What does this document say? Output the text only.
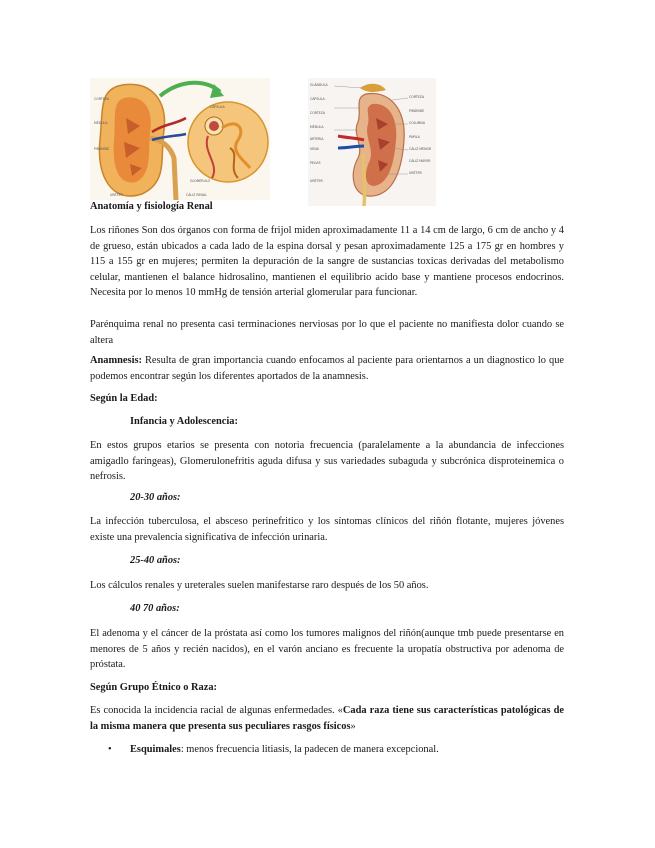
CORTEZA
MÉDULA
PIRÁMIDE
URÉTER
CÁPSULA
GLOMÉRULO
CÁLIZ RENAL
GLÁNDULA
CÁPSULA
CORTEZA
MÉDULA
ARTERIA
VENA
PELVIS
URÉTER
CORTEZA
PIRÁMIDE
COLUMNA
PAPILA
CÁLIZ MENOR
CÁLIZ MAYOR
URÉTER
Anatomía y fisiología Renal

Los riñones Son dos órganos con forma de frijol miden aproximadamente 11 a 14 cm de largo, 6 cm de ancho y 4 de grueso, están ubicados a cada lado de la espina dorsal y pesan aproximadamente 125 a 175 gr en hombres y 115 a 155 gr en mujeres; permiten la depuración de la sangre de sustancias toxicas derivadas del metabolismo celular, mantienen el balance hidrosalino, mantienen el equilibrio acido base y mantiene procesos endocrinos. Necesita por lo menos 10 mmHg de tensión arterial glomerular para funcionar.

Parénquima renal no presenta casi terminaciones nerviosas por lo que el paciente no manifiesta dolor cuando se altera

Anamnesis: Resulta de gran importancia cuando enfocamos al paciente para orientarnos a un diagnostico lo que podemos encontrar según los diferentes aportados de la anamnesis.

Según la Edad:

Infancia y Adolescencia:

En estos grupos etarios se presenta con notoria frecuencia (paralelamente a la abundancia de infecciones amigadlo faríngeas), Glomerulonefritis aguda difusa y sus variedades subaguda y subcrónica disproteinemica o nefrosis.

20-30 años:

La infección tuberculosa, el absceso perinefritico y los síntomas clínicos del riñón flotante, mujeres jóvenes existe una prevalencia significativa de infección urinaria.

25-40 años:

Los cálculos renales y ureterales suelen manifestarse raro después de los 50 años.

40 70 años:

El adenoma y el cáncer de la próstata así como los tumores malignos del riñón(aunque tmb puede presentarse en menores de 5 años y recién nacidos), en el varón anciano es frecuente la uropatía obstructiva por adenoma de próstata.

Según Grupo Étnico o Raza:

Es conocida la incidencia racial de algunas enfermedades. «Cada raza tiene sus características patológicas de la misma manera que presenta sus peculiares rasgos físicos»

• Esquimales: menos frecuencia litiasis, la padecen de manera excepcional.
